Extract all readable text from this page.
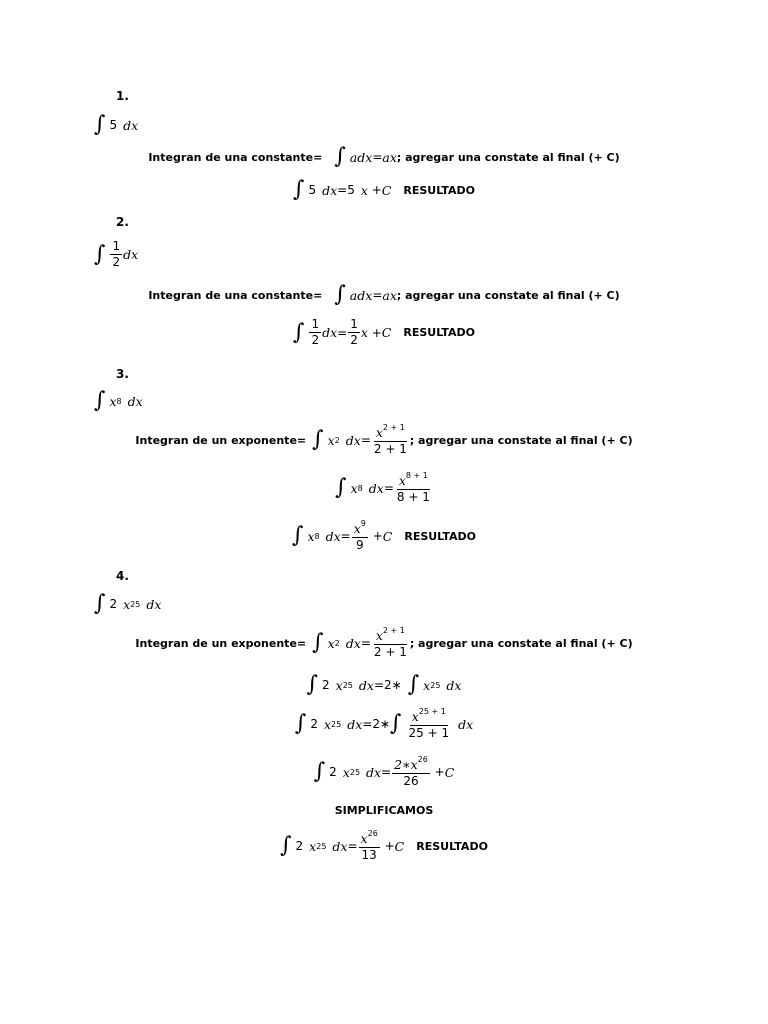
1.
∫ 5 dx
Integran de una constante= ∫ adx = ax ; agregar una constate al final (+ C)
∫ 5 dx = 5 x + C RESULTADO
2.
∫ $\frac{1}{2}$ dx
Integran de una constante= ∫ adx = ax ; agregar una constate al final (+ C)
∫ $\frac{1}{2}$ dx = $\frac{1}{2}$ x + C RESULTADO
3.
∫ x 8 dx
Integran de un exponente= ∫ x 2 dx = $\frac{x^{2 + 1}}{2 + 1}$ ; agregar una constate al final (+ C)
∫ x 8 dx = $\frac{x^{8 + 1}}{8 + 1}$
∫ x 8 dx = $\frac{x^9}{9} + C$ RESULTADO
4.
∫ 2 x 25 dx
Integran de un exponente= ∫ x 2 dx = $\frac{x^{2 + 1}}{2 + 1}$ ; agregar una constate al final (+ C)
∫ 2 x 25 dx = 2∗ ∫ x 25 dx
∫ 2 x 25 dx = 2∗ ∫ $\frac{x^{25 + 1}}{25 + 1}$ dx
∫ 2 x 25 dx = $\frac{2∗x^{26}}{26} + C$
SIMPLIFICAMOS
∫ 2 x 25 dx = $\frac{x^{26}}{13} + C$ RESULTADO
